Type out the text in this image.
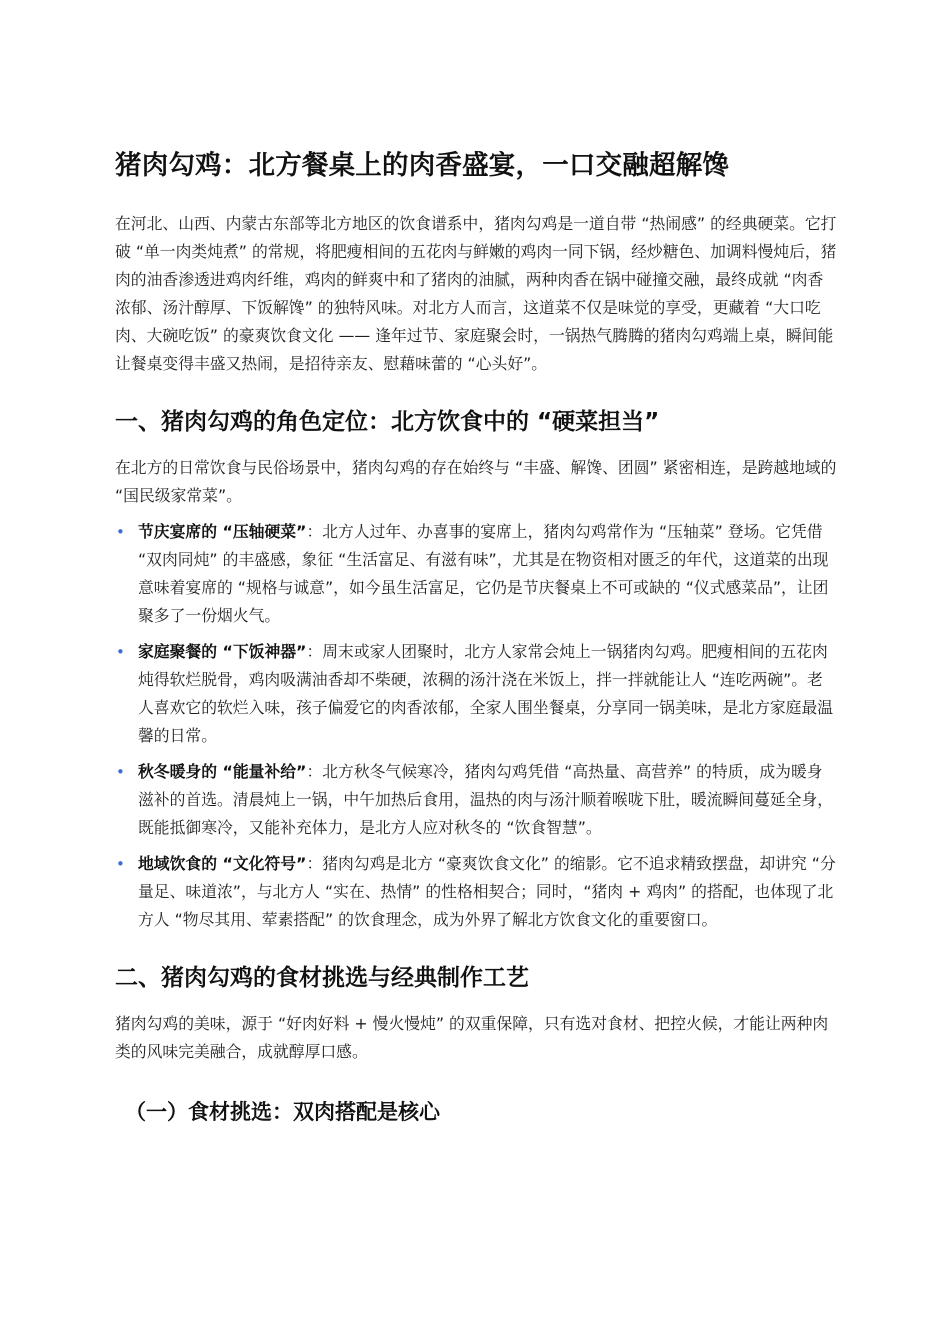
猪肉勾鸡：北方餐桌上的肉香盛宴，一口交融超解馋

在河北、山西、内蒙古东部等北方地区的饮食谱系中，猪肉勾鸡是一道自带 “热闹感” 的经典硬菜。它打破 “单一肉类炖煮” 的常规，将肥瘦相间的五花肉与鲜嫩的鸡肉一同下锅，经炒糖色、加调料慢炖后，猪肉的油香渗透进鸡肉纤维，鸡肉的鲜爽中和了猪肉的油腻，两种肉香在锅中碰撞交融，最终成就 “肉香浓郁、汤汁醇厚、下饭解馋” 的独特风味。对北方人而言，这道菜不仅是味觉的享受，更藏着 “大口吃肉、大碗吃饭” 的豪爽饮食文化 —— 逢年过节、家庭聚会时，一锅热气腾腾的猪肉勾鸡端上桌，瞬间能让餐桌变得丰盛又热闹，是招待亲友、慰藉味蕾的 “心头好”。

一、猪肉勾鸡的角色定位：北方饮食中的 “硬菜担当”

在北方的日常饮食与民俗场景中，猪肉勾鸡的存在始终与 “丰盛、解馋、团圆” 紧密相连，是跨越地域的 “国民级家常菜”。

• 节庆宴席的 “压轴硬菜”：北方人过年、办喜事的宴席上，猪肉勾鸡常作为 “压轴菜” 登场。它凭借 “双肉同炖” 的丰盛感，象征 “生活富足、有滋有味”，尤其是在物资相对匮乏的年代，这道菜的出现意味着宴席的 “规格与诚意”，如今虽生活富足，它仍是节庆餐桌上不可或缺的 “仪式感菜品”，让团聚多了一份烟火气。
• 家庭聚餐的 “下饭神器”：周末或家人团聚时，北方人家常会炖上一锅猪肉勾鸡。肥瘦相间的五花肉炖得软烂脱骨，鸡肉吸满油香却不柴硬，浓稠的汤汁浇在米饭上，拌一拌就能让人 “连吃两碗”。老人喜欢它的软烂入味，孩子偏爱它的肉香浓郁，全家人围坐餐桌，分享同一锅美味，是北方家庭最温馨的日常。
• 秋冬暖身的 “能量补给”：北方秋冬气候寒冷，猪肉勾鸡凭借 “高热量、高营养” 的特质，成为暖身滋补的首选。清晨炖上一锅，中午加热后食用，温热的肉与汤汁顺着喉咙下肚，暖流瞬间蔓延全身，既能抵御寒冷，又能补充体力，是北方人应对秋冬的 “饮食智慧”。
• 地域饮食的 “文化符号”：猪肉勾鸡是北方 “豪爽饮食文化” 的缩影。它不追求精致摆盘，却讲究 “分量足、味道浓”，与北方人 “实在、热情” 的性格相契合；同时，“猪肉 + 鸡肉” 的搭配，也体现了北方人 “物尽其用、荤素搭配” 的饮食理念，成为外界了解北方饮食文化的重要窗口。
二、猪肉勾鸡的食材挑选与经典制作工艺

猪肉勾鸡的美味，源于 “好肉好料 + 慢火慢炖” 的双重保障，只有选对食材、把控火候，才能让两种肉类的风味完美融合，成就醇厚口感。

（一）食材挑选：双肉搭配是核心
